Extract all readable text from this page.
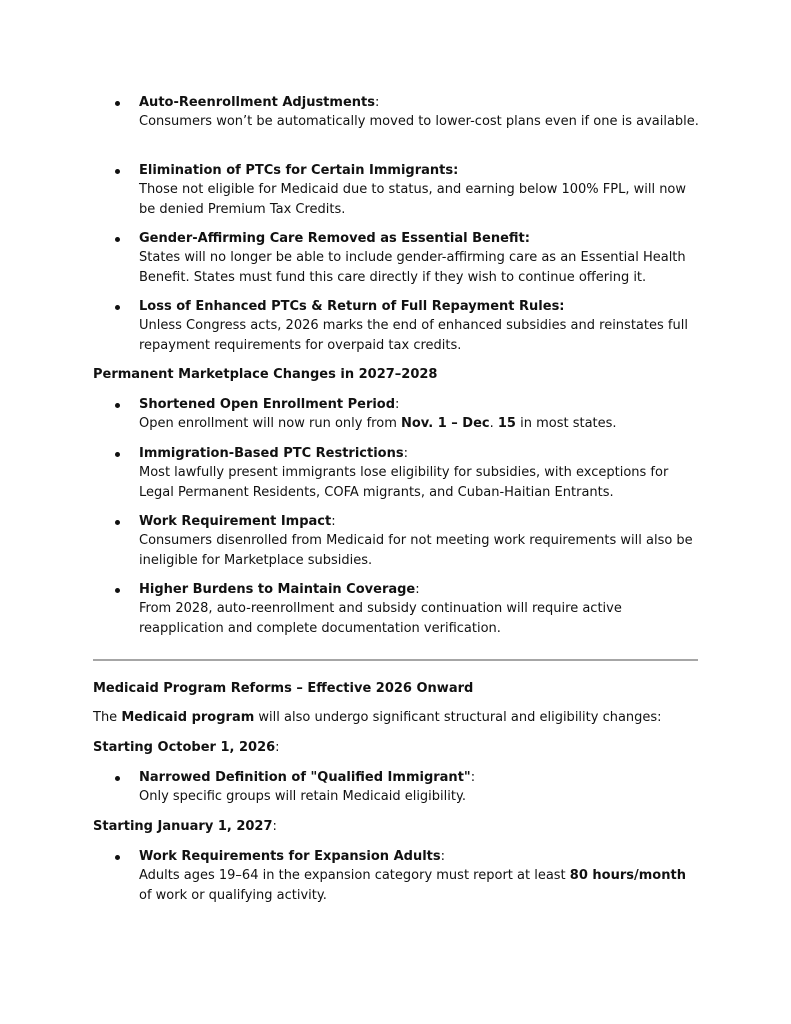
Auto-Reenrollment Adjustments:
Consumers won’t be automatically moved to lower-cost plans even if one is available.
Elimination of PTCs for Certain Immigrants:
Those not eligible for Medicaid due to status, and earning below 100% FPL, will now be denied Premium Tax Credits.
Gender-Affirming Care Removed as Essential Benefit:
States will no longer be able to include gender-affirming care as an Essential Health Benefit. States must fund this care directly if they wish to continue offering it.
Loss of Enhanced PTCs & Return of Full Repayment Rules:
Unless Congress acts, 2026 marks the end of enhanced subsidies and reinstates full repayment requirements for overpaid tax credits.
Permanent Marketplace Changes in 2027–2028
Shortened Open Enrollment Period:
Open enrollment will now run only from Nov. 1 – Dec. 15 in most states.
Immigration-Based PTC Restrictions:
Most lawfully present immigrants lose eligibility for subsidies, with exceptions for Legal Permanent Residents, COFA migrants, and Cuban-Haitian Entrants.
Work Requirement Impact:
Consumers disenrolled from Medicaid for not meeting work requirements will also be ineligible for Marketplace subsidies.
Higher Burdens to Maintain Coverage:
From 2028, auto-reenrollment and subsidy continuation will require active reapplication and complete documentation verification.
Medicaid Program Reforms – Effective 2026 Onward
The Medicaid program will also undergo significant structural and eligibility changes:
Starting October 1, 2026:
Narrowed Definition of "Qualified Immigrant":
Only specific groups will retain Medicaid eligibility.
Starting January 1, 2027:
Work Requirements for Expansion Adults:
Adults ages 19–64 in the expansion category must report at least 80 hours/month of work or qualifying activity.
